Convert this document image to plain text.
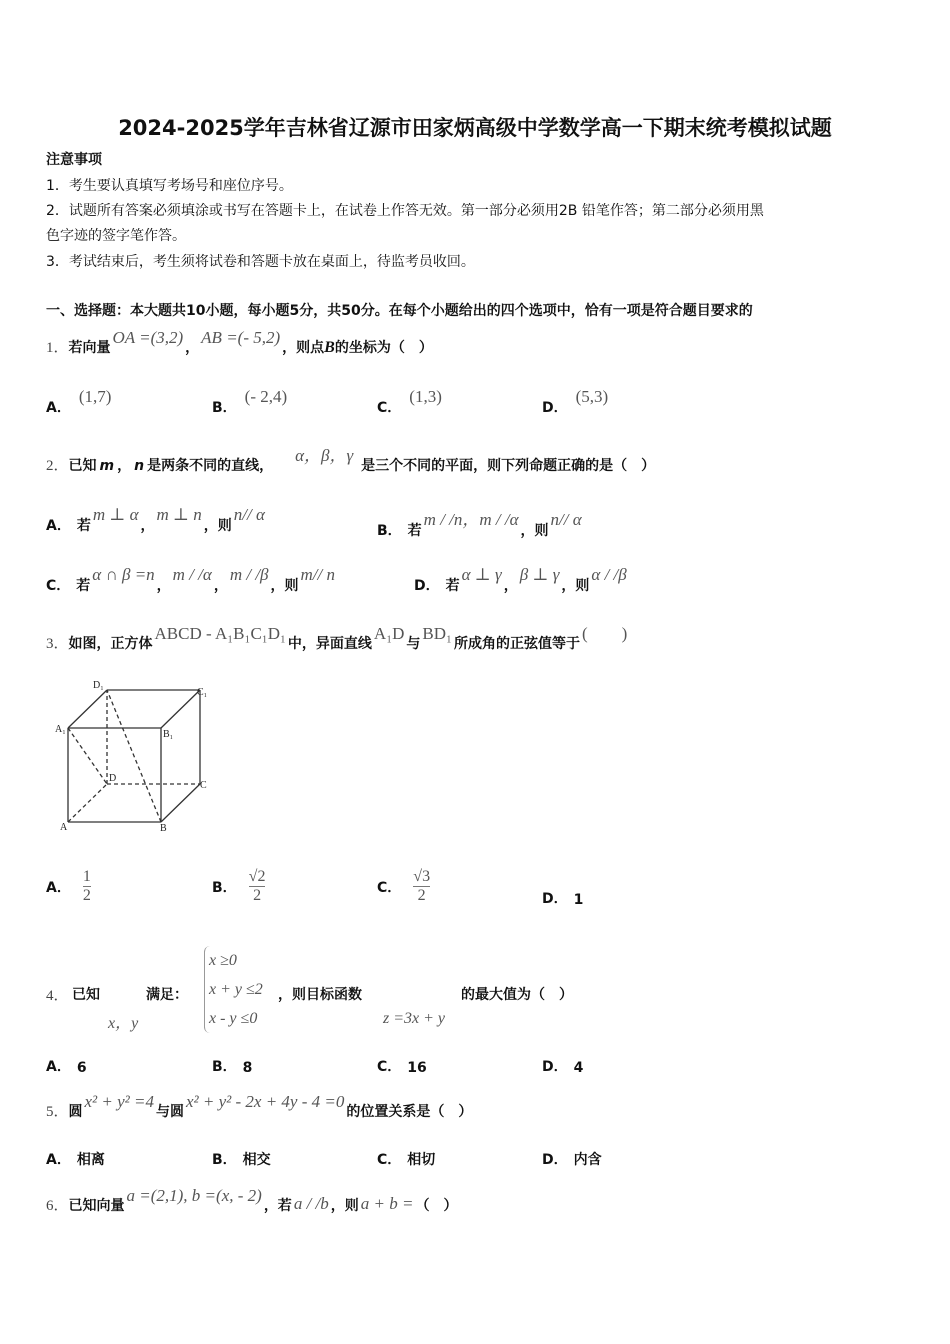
2024-2025学年吉林省辽源市田家炳高级中学数学高一下期末统考模拟试题
注意事项
1．考生要认真填写考场号和座位序号。
2．试题所有答案必须填涂或书写在答题卡上，在试卷上作答无效。第一部分必须用2B 铅笔作答；第二部分必须用黑
色字迹的签字笔作答。
3．考试结束后，考生须将试卷和答题卡放在桌面上，待监考员收回。
一、选择题：本大题共10小题，每小题5分，共50分。在每个小题给出的四个选项中，恰有一项是符合题目要求的
1． 若向量
OA =(3,2)
，
AB =(- 5,2)
，则点 B 的坐标为（　）
A．
(1,7)
B．
(- 2,4)
C．
(1,3)
D．
(5,3)
2． 已知 m ， n 是两条不同的直线，
α，β，γ
是三个不同的平面，则下列命题正确的是（　）
A． 若
m ⊥ α
，
m ⊥ n
，则
n// α
B． 若
m / /n，m / /α
，则
n// α
C． 若
α ∩ β =n
，
m / /α
，
m / /β
，则
m// n
D． 若
α ⊥ γ
，
β ⊥ γ
，则
α / /β
3． 如图，正方体
ABCD - A₁B₁C₁D₁
中，异面直线
A₁D
与
BD₁
所成角的正弦值等于
(　　)
D₁
C₁
A₁	B₁
D
C
A	B
A． $\frac{1}{2}$	B． $\frac{√2}{2}$	C． $\frac{√3}{2}$	D． 1
4． 已知
x，y
满足：
x ≥0
x + y ≤2
x - y ≤0
，则目标函数
z =3x + y
的最大值为（　）
A． 6	B． 8	C． 16	D． 4
5． 圆
x² + y² =4
与圆
x² + y² - 2x + 4y - 4 =0
的位置关系是（　）
A． 相离	B． 相交	C． 相切	D． 内含
6． 已知向量
a =(2,1), b =(x, - 2)
，若 a / /b ，则 a + b = （　）
